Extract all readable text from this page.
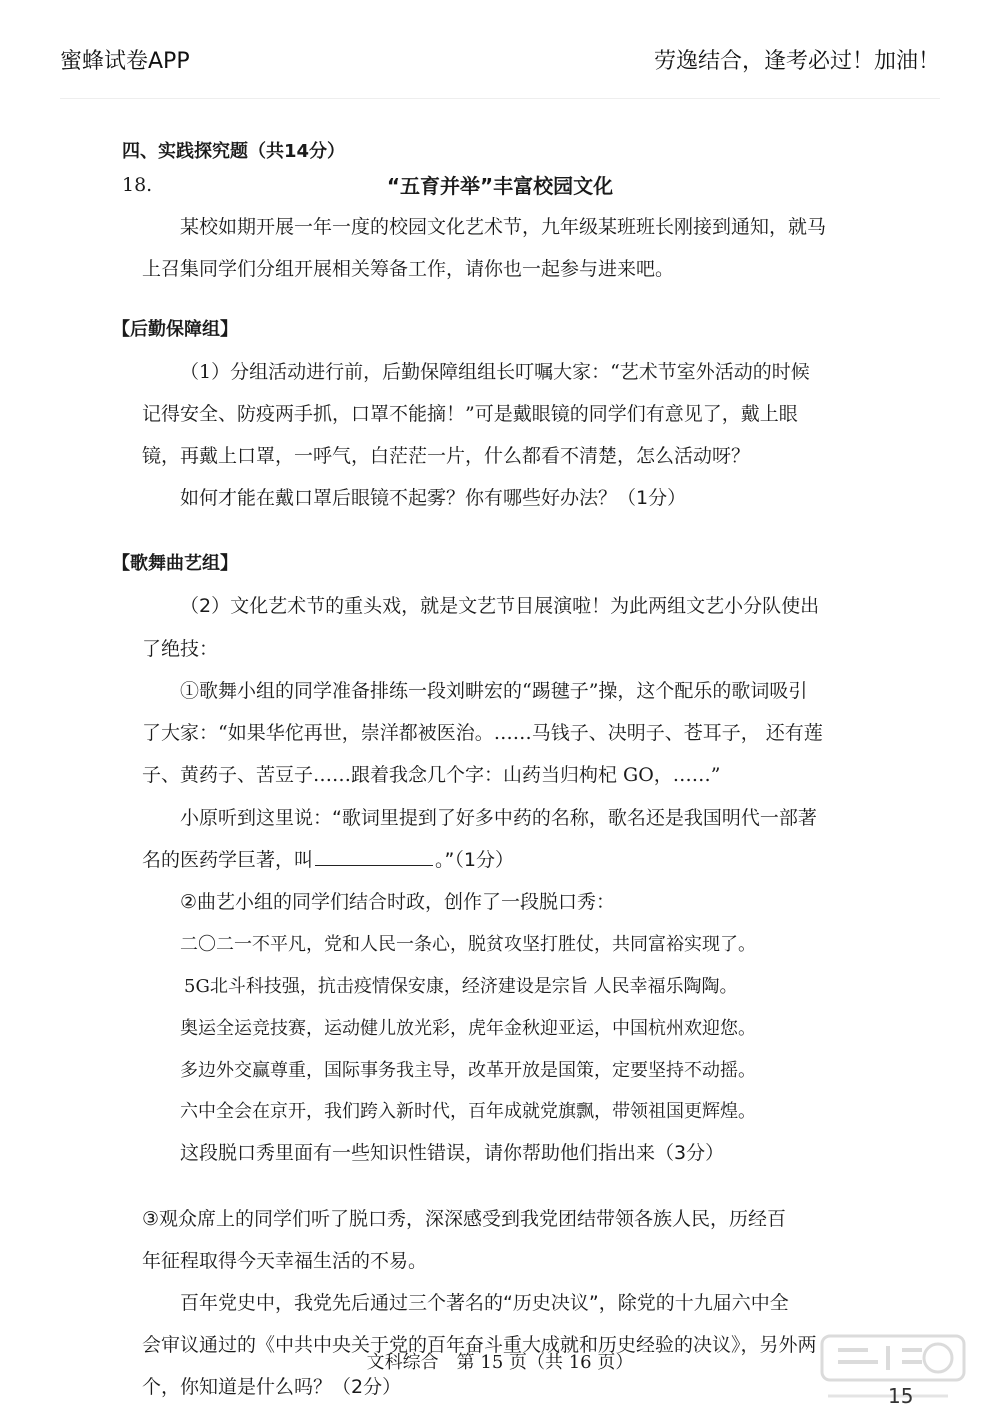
蜜蜂试卷APP	劳逸结合，逢考必过！加油！
四、实践探究题（共14分）
18.	“五育并举”丰富校园文化
某校如期开展一年一度的校园文化艺术节，九年级某班班长刚接到通知，就马
上召集同学们分组开展相关筹备工作，请你也一起参与进来吧。
【后勤保障组】
（1）分组活动进行前，后勤保障组组长叮嘱大家：“艺术节室外活动的时候
记得安全、防疫两手抓，口罩不能摘！”可是戴眼镜的同学们有意见了，戴上眼
镜，再戴上口罩，一呼气，白茫茫一片，什么都看不清楚，怎么活动呀？
如何才能在戴口罩后眼镜不起雾？你有哪些好办法？（1分）
【歌舞曲艺组】
（2）文化艺术节的重头戏，就是文艺节目展演啦！为此两组文艺小分队使出
了绝技：
①歌舞小组的同学准备排练一段刘畊宏的“踢毽子”操，这个配乐的歌词吸引
了大家：“如果华佗再世，崇洋都被医治。……马钱子、决明子、苍耳子， 还有莲
子、黄药子、苦豆子……跟着我念几个字：山药当归枸杞 GO，……”
小原听到这里说：“歌词里提到了好多中药的名称，歌名还是我国明代一部著
名的医药学巨著，叫	。”（1分）
②曲艺小组的同学们结合时政，创作了一段脱口秀：
二〇二一不平凡，党和人民一条心，脱贫攻坚打胜仗，共同富裕实现了。
5G北斗科技强，抗击疫情保安康，经济建设是宗旨 人民幸福乐陶陶。
奥运全运竞技赛，运动健儿放光彩，虎年金秋迎亚运，中国杭州欢迎您。
多边外交赢尊重，国际事务我主导，改革开放是国策，定要坚持不动摇。
六中全会在京开，我们跨入新时代，百年成就党旗飘，带领祖国更辉煌。
这段脱口秀里面有一些知识性错误，请你帮助他们指出来（3分）
③观众席上的同学们听了脱口秀，深深感受到我党团结带领各族人民，历经百
年征程取得今天幸福生活的不易。
百年党史中，我党先后通过三个著名的“历史决议”，除党的十九届六中全
会审议通过的《中共中央关于党的百年奋斗重大成就和历史经验的决议》，另外两
个，你知道是什么吗？（2分）
文科综合　第 15 页（共 16 页）
15
